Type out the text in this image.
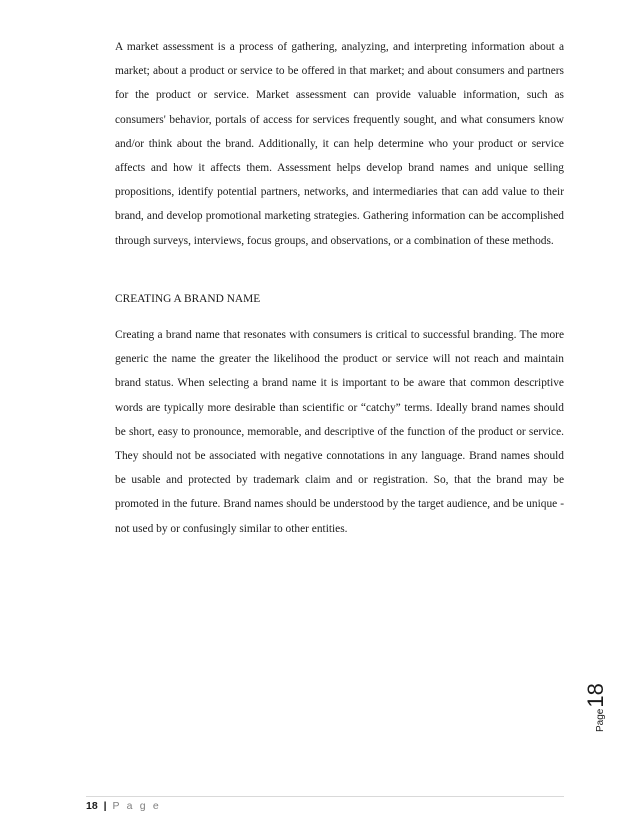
A market assessment is a process of gathering, analyzing, and interpreting information about a market; about a product or service to be offered in that market; and about consumers and partners for the product or service. Market assessment can provide valuable information, such as consumers' behavior, portals of access for services frequently sought, and what consumers know and/or think about the brand. Additionally, it can help determine who your product or service affects and how it affects them. Assessment helps develop brand names and unique selling propositions, identify potential partners, networks, and intermediaries that can add value to their brand, and develop promotional marketing strategies. Gathering information can be accomplished through surveys, interviews, focus groups, and observations, or a combination of these methods.

CREATING A BRAND NAME

Creating a brand name that resonates with consumers is critical to successful branding. The more generic the name the greater the likelihood the product or service will not reach and maintain brand status. When selecting a brand name it is important to be aware that common descriptive words are typically more desirable than scientific or “catchy” terms. Ideally brand names should be short, easy to pronounce, memorable, and descriptive of the function of the product or service. They should not be associated with negative connotations in any language. Brand names should be usable and protected by trademark claim and or registration. So, that the brand may be promoted in the future. Brand names should be understood by the target audience, and be unique - not used by or confusingly similar to other entities.

Page
18
18 | P a g e
